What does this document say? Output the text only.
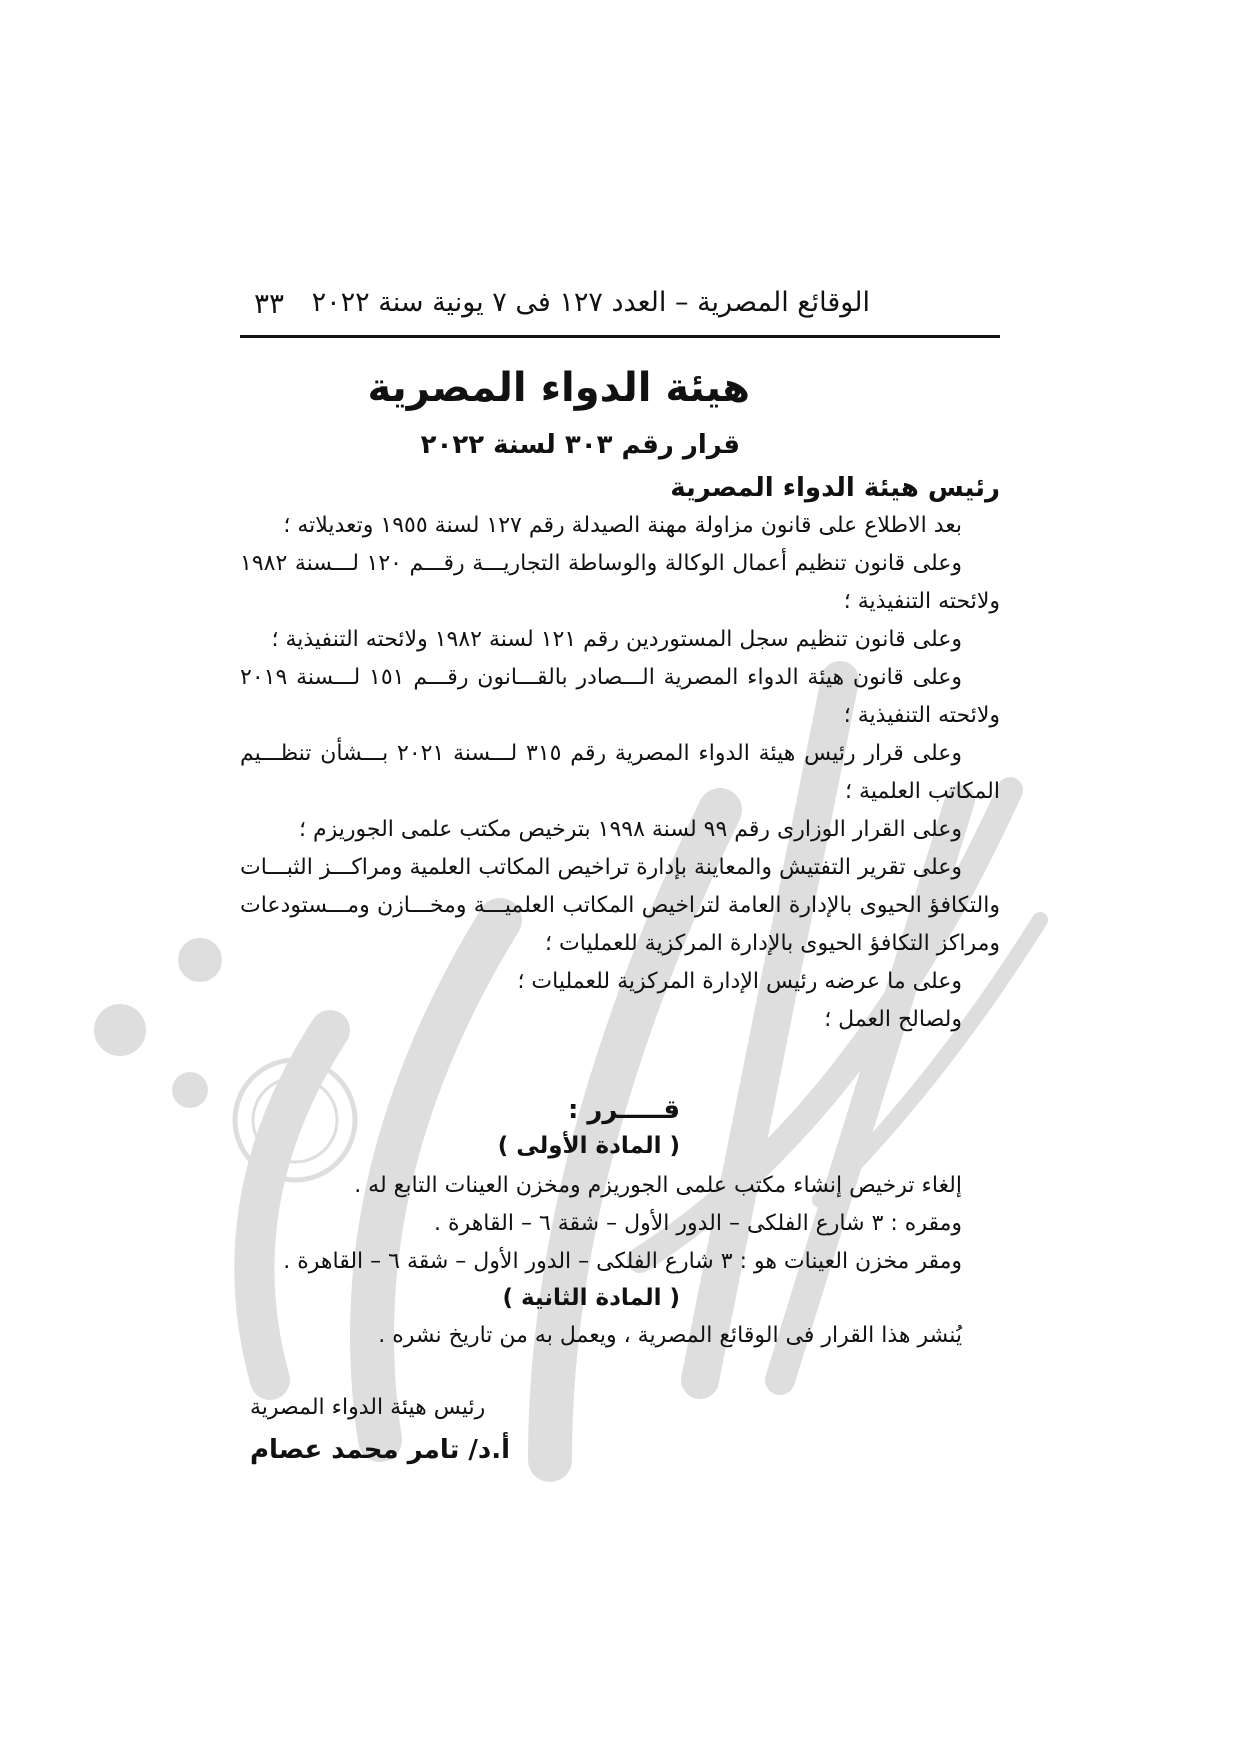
الوقائع المصرية – العدد ١٢٧ فى ٧ يونية سنة ٢٠٢٢
٣٣
هيئة الدواء المصرية
قرار رقم ٣٠٣ لسنة ٢٠٢٢
رئيس هيئة الدواء المصرية
بعد الاطلاع على قانون مزاولة مهنة الصيدلة رقم ١٢٧ لسنة ١٩٥٥ وتعديلاته ؛
وعلى قانون تنظيم أعمال الوكالة والوساطة التجاريـــة رقـــم ١٢٠ لـــسنة ١٩٨٢
ولائحته التنفيذية ؛
وعلى قانون تنظيم سجل المستوردين رقم ١٢١ لسنة ١٩٨٢ ولائحته التنفيذية ؛
وعلى قانون هيئة الدواء المصرية الـــصادر بالقـــانون رقـــم ١٥١ لـــسنة ٢٠١٩
ولائحته التنفيذية ؛
وعلى قرار رئيس هيئة الدواء المصرية رقم ٣١٥ لـــسنة ٢٠٢١ بـــشأن تنظـــيم
المكاتب العلمية ؛
وعلى القرار الوزارى رقم ٩٩ لسنة ١٩٩٨ بترخيص مكتب علمى الجوريزم ؛
وعلى تقرير التفتيش والمعاينة بإدارة تراخيص المكاتب العلمية ومراكـــز الثبـــات
والتكافؤ الحيوى بالإدارة العامة لتراخيص المكاتب العلميـــة ومخـــازن ومـــستودعات
ومراكز التكافؤ الحيوى بالإدارة المركزية للعمليات ؛
وعلى ما عرضه رئيس الإدارة المركزية للعمليات ؛
ولصالح العمل ؛
قـــــرر :
( المادة الأولى )
إلغاء ترخيص إنشاء مكتب علمى الجوريزم ومخزن العينات التابع له .
ومقره : ٣ شارع الفلكى – الدور الأول – شقة ٦ – القاهرة .
ومقر مخزن العينات هو : ٣ شارع الفلكى – الدور الأول – شقة ٦ – القاهرة .
( المادة الثانية )
يُنشر هذا القرار فى الوقائع المصرية ، ويعمل به من تاريخ نشره .
رئيس هيئة الدواء المصرية
أ.د/ تامر محمد عصام
